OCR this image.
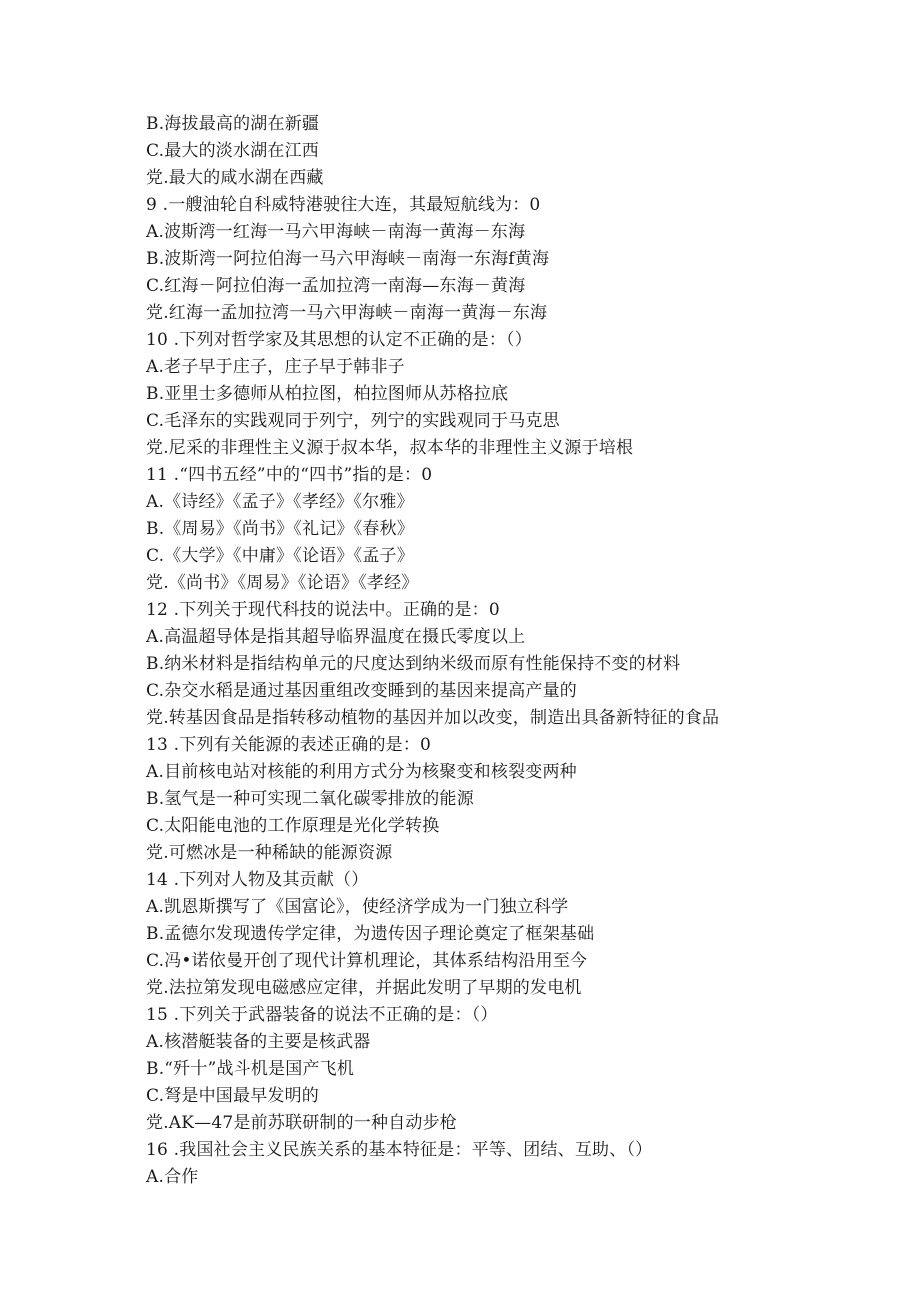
B.海拔最高的湖在新疆
C.最大的淡水湖在江西
党.最大的咸水湖在西藏
9 .一艘油轮自科威特港驶往大连，其最短航线为：0
A.波斯湾一红海一马六甲海峡－南海一黄海－东海
B.波斯湾一阿拉伯海一马六甲海峡－南海一东海f黄海
C.红海－阿拉伯海一孟加拉湾一南海—东海－黄海
党.红海一孟加拉湾一马六甲海峡－南海一黄海－东海
10 .下列对哲学家及其思想的认定不正确的是：（）
A.老子早于庄子，庄子早于韩非子
B.亚里士多德师从柏拉图，柏拉图师从苏格拉底
C.毛泽东的实践观同于列宁，列宁的实践观同于马克思
党.尼采的非理性主义源于叔本华，叔本华的非理性主义源于培根
11 .“四书五经”中的“四书”指的是：0
A.《诗经》《孟子》《孝经》《尔雅》
B.《周易》《尚书》《礼记》《春秋》
C.《大学》《中庸》《论语》《孟子》
党.《尚书》《周易》《论语》《孝经》
12 .下列关于现代科技的说法中。正确的是：0
A.高温超导体是指其超导临界温度在摄氏零度以上
B.纳米材料是指结构单元的尺度达到纳米级而原有性能保持不变的材料
C.杂交水稻是通过基因重组改变睡到的基因来提高产量的
党.转基因食品是指转移动植物的基因并加以改变，制造出具备新特征的食品
13 .下列有关能源的表述正确的是：0
A.目前核电站对核能的利用方式分为核聚变和核裂变两种
B.氢气是一种可实现二氧化碳零排放的能源
C.太阳能电池的工作原理是光化学转换
党.可燃冰是一种稀缺的能源资源
14 .下列对人物及其贡献（）
A.凯恩斯撰写了《国富论》，使经济学成为一门独立科学
B.孟德尔发现遗传学定律，为遗传因子理论奠定了框架基础
C.冯•诺依曼开创了现代计算机理论，其体系结构沿用至今
党.法拉第发现电磁感应定律，并据此发明了早期的发电机
15 .下列关于武器装备的说法不正确的是：（）
A.核潜艇装备的主要是核武器
B.“歼十”战斗机是国产飞机
C.弩是中国最早发明的
党.AK—47是前苏联研制的一种自动步枪
16 .我国社会主义民族关系的基本特征是：平等、团结、互助、（）
A.合作
